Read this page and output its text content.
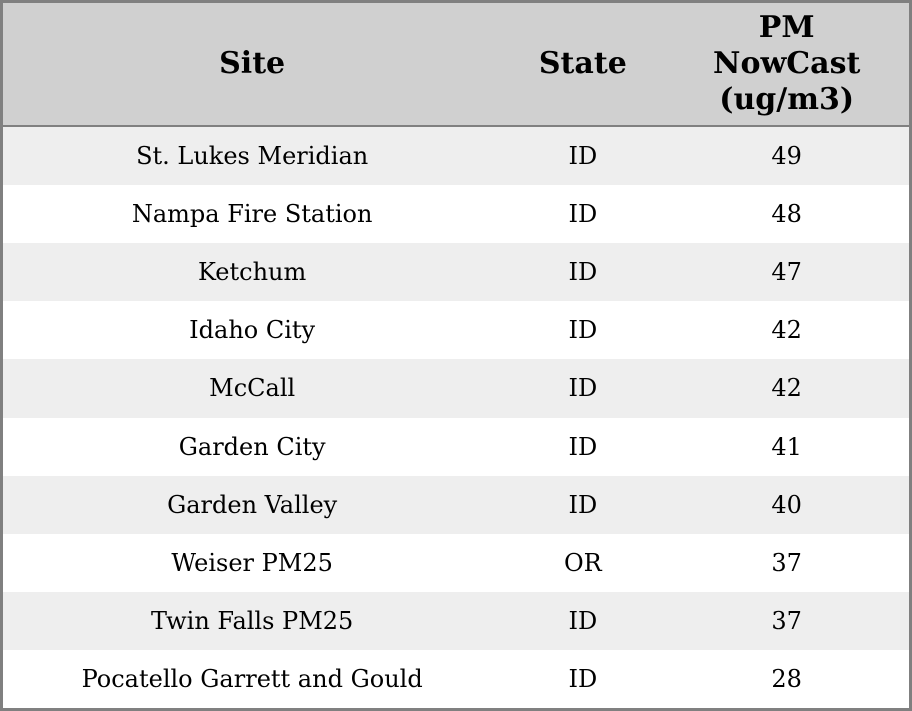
Site	State	PM NowCast (ug/m3)

St. Lukes Meridian	ID	49
Nampa Fire Station	ID	48
Ketchum	ID	47
Idaho City	ID	42
McCall	ID	42
Garden City	ID	41
Garden Valley	ID	40
Weiser PM25	OR	37
Twin Falls PM25	ID	37
Pocatello Garrett and Gould	ID	28
